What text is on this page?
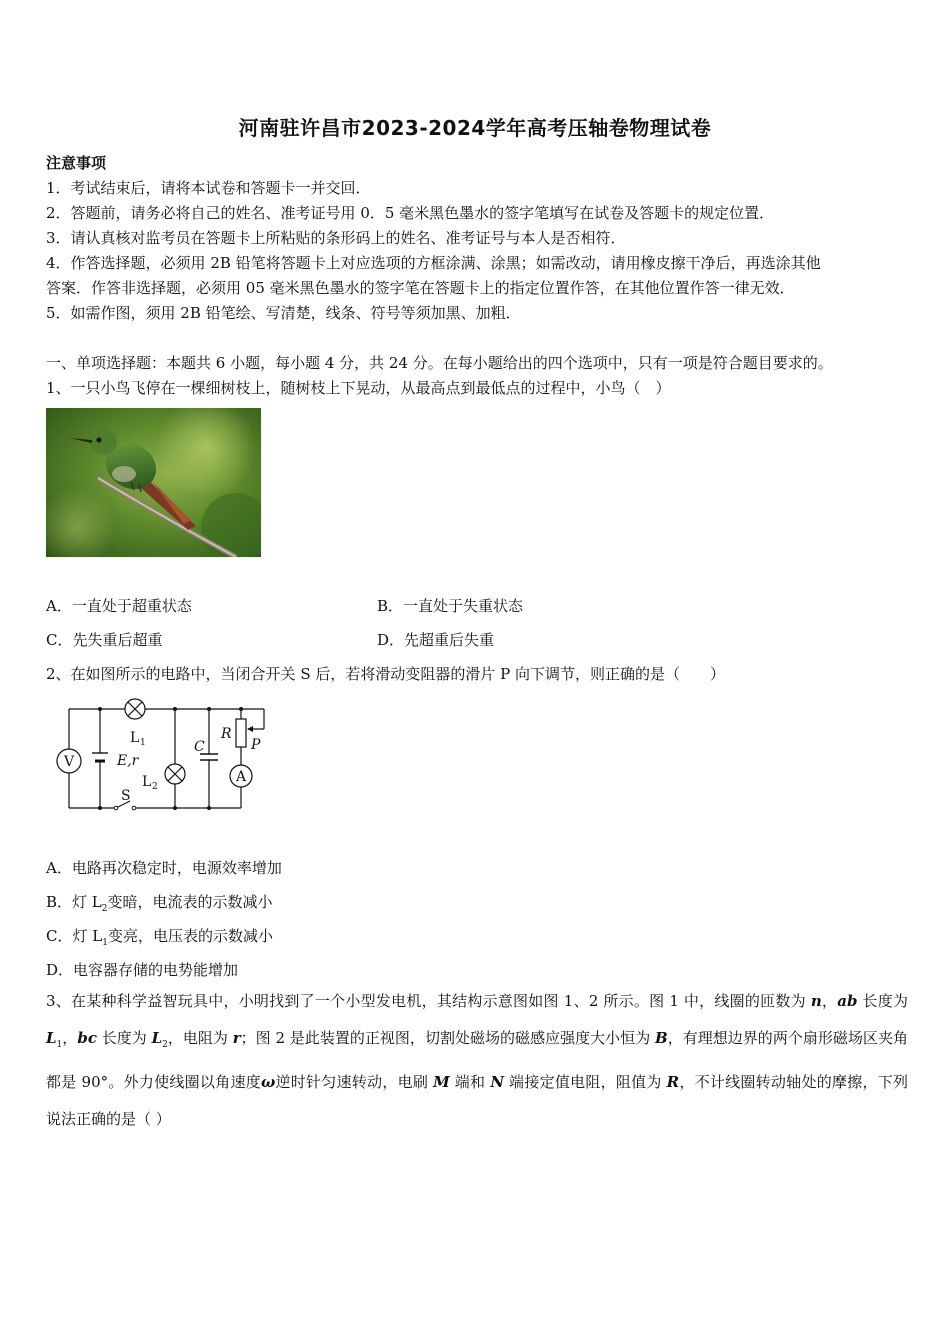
河南驻许昌市2023-2024学年高考压轴卷物理试卷
注意事项
1．考试结束后，请将本试卷和答题卡一并交回．
2．答题前，请务必将自己的姓名、准考证号用 0．5 毫米黑色墨水的签字笔填写在试卷及答题卡的规定位置．
3．请认真核对监考员在答题卡上所粘贴的条形码上的姓名、准考证号与本人是否相符．
4．作答选择题，必须用 2B 铅笔将答题卡上对应选项的方框涂满、涂黑；如需改动，请用橡皮擦干净后，再选涂其他
答案．作答非选择题，必须用 05 毫米黑色墨水的签字笔在答题卡上的指定位置作答，在其他位置作答一律无效．
5．如需作图，须用 2B 铅笔绘、写清楚，线条、符号等须加黑、加粗．
一、单项选择题：本题共 6 小题，每小题 4 分，共 24 分。在每小题给出的四个选项中，只有一项是符合题目要求的。
1、一只小鸟飞停在一棵细树枝上，随树枝上下晃动，从最高点到最低点的过程中，小鸟（　）
A．一直处于超重状态	B．一直处于失重状态
C．先失重后超重	D．先超重后失重
2、在如图所示的电路中，当闭合开关 S 后，若将滑动变阻器的滑片 P 向下调节，则正确的是（　　）
V
A
L 1
L 2
E,r
S
C
R
P
A．电路再次稳定时，电源效率增加
B．灯 $L_2$变暗，电流表的示数减小
C．灯 $L_1$变亮，电压表的示数减小
D．电容器存储的电势能增加
3、在某种科学益智玩具中，小明找到了一个小型发电机，其结构示意图如图 1、2 所示。图 1 中，线圈的匝数为 n，ab 长度为 $L_1$，bc 长度为 $L_2$，电阻为 r；图 2 是此装置的正视图，切割处磁场的磁感应强度大小恒为 B，有理想边界的两个扇形磁场区夹角都是 90°。外力使线圈以角速度ω逆时针匀速转动，电刷 M 端和 N 端接定值电阻，阻值为 R，不计线圈转动轴处的摩擦，下列说法正确的是（ ）
